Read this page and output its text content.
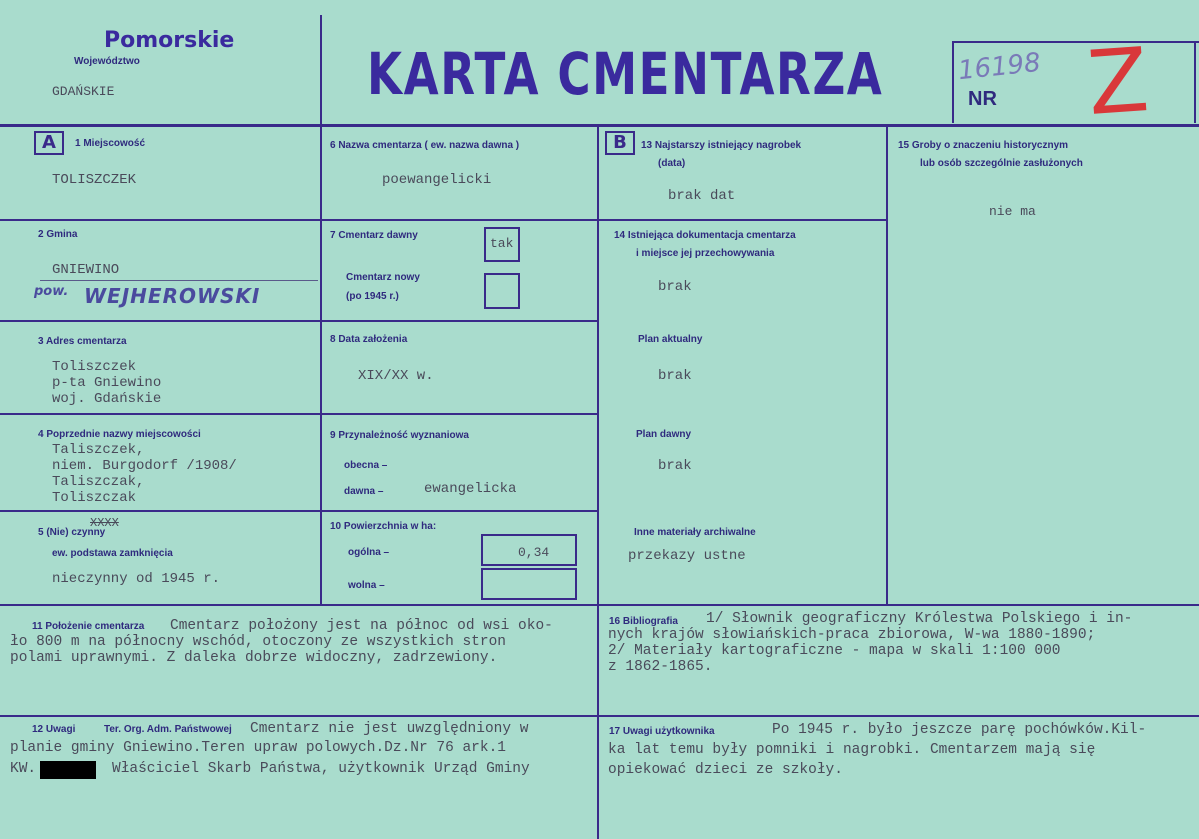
Pomorskie
Województwo
GDAŃSKIE	KARTA CMENTARZA	NR
16198 Z
A	B
1 Miejscowość
TOLISZCZEK
2 Gmina
GNIEWINO
pow. WEJHEROWSKI
3 Adres cmentarza
Toliszczek
p-ta Gniewino
woj. Gdańskie
4 Poprzednie nazwy miejscowości
Taliszczek,
niem. Burgodorf /1908/
Taliszczak,
Toliszczak
5 (Nie) czynny
XXXX
ew. podstawa zamknięcia
nieczynny od 1945 r.
6 Nazwa cmentarza ( ew. nazwa dawna )
poewangelicki
7 Cmentarz dawny
tak
Cmentarz nowy
(po 1945 r.)
8 Data założenia
XIX/XX w.
9 Przynależność wyznaniowa
obecna –
dawna –	ewangelicka
10 Powierzchnia w ha:
ogólna –	0,34
wolna –
13 Najstarszy istniejący nagrobek
(data)
brak dat
14 Istniejąca dokumentacja cmentarza
i miejsce jej przechowywania
brak
Plan aktualny
brak
Plan dawny
brak
Inne materiały archiwalne
przekazy ustne
15 Groby o znaczeniu historycznym
lub osób szczególnie zasłużonych
nie ma
11 Położenie cmentarza Cmentarz położony jest na północ od wsi oko-
ło 800 m na północny wschód, otoczony ze wszystkich stron
polami uprawnymi. Z daleka dobrze widoczny, zadrzewiony.
16 Bibliografia 1/ Słownik geograficzny Królestwa Polskiego i in-
nych krajów słowiańskich-praca zbiorowa, W-wa 1880-1890;
2/ Materiały kartograficzne - mapa w skali 1:100 000
z 1862-1865.
12 Uwagi	Ter. Org. Adm. Państwowej Cmentarz nie jest uwzględniony w
planie gminy Gniewino.Teren upraw polowych.Dz.Nr 76 ark.1
KW.	Właściciel Skarb Państwa, użytkownik Urząd Gminy
17 Uwagi użytkownika	Po 1945 r. było jeszcze parę pochówków.Kil-
ka lat temu były pomniki i nagrobki. Cmentarzem mają się
opiekować dzieci ze szkoły.
